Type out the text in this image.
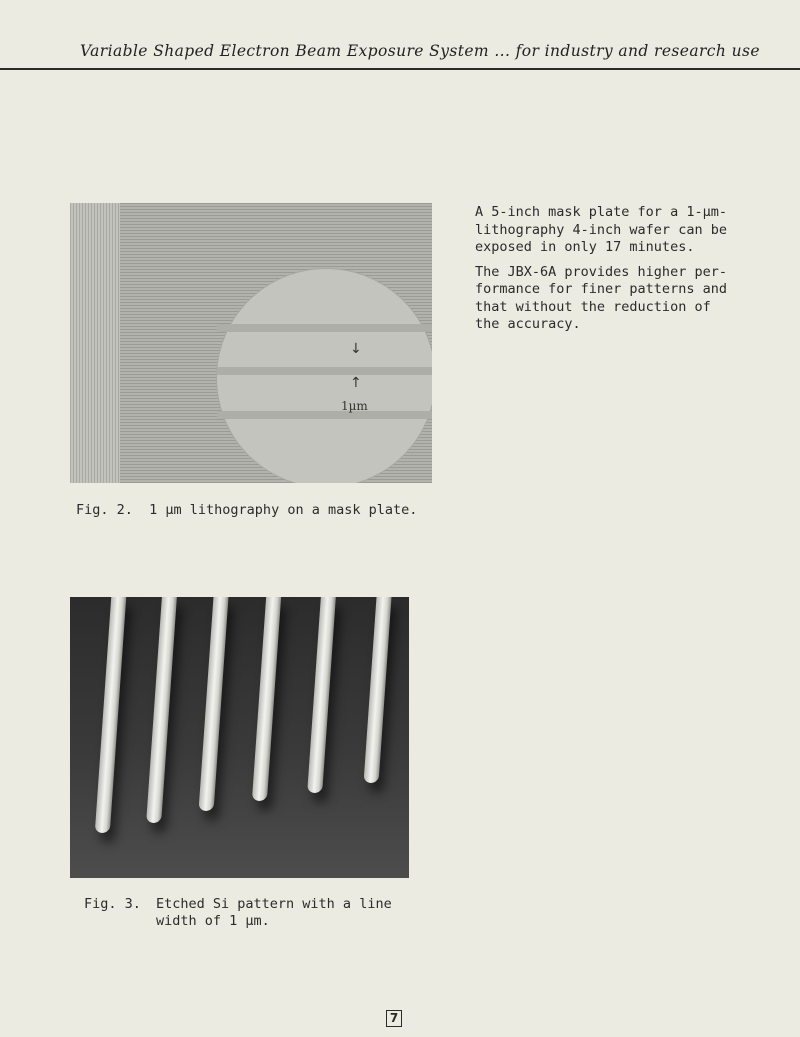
Variable Shaped Electron Beam Exposure System ... for industry and research use
↓
↑
1µm
Fig. 2.  1 µm lithography on a mask plate.

A 5-inch mask plate for a 1-µm-
lithography 4-inch wafer can be
exposed in only 17 minutes.

The JBX-6A provides higher per-
formance for finer patterns and
that without the reduction of
the accuracy.

Fig. 3. Etched Si pattern with a line
width of 1 µm.
7
